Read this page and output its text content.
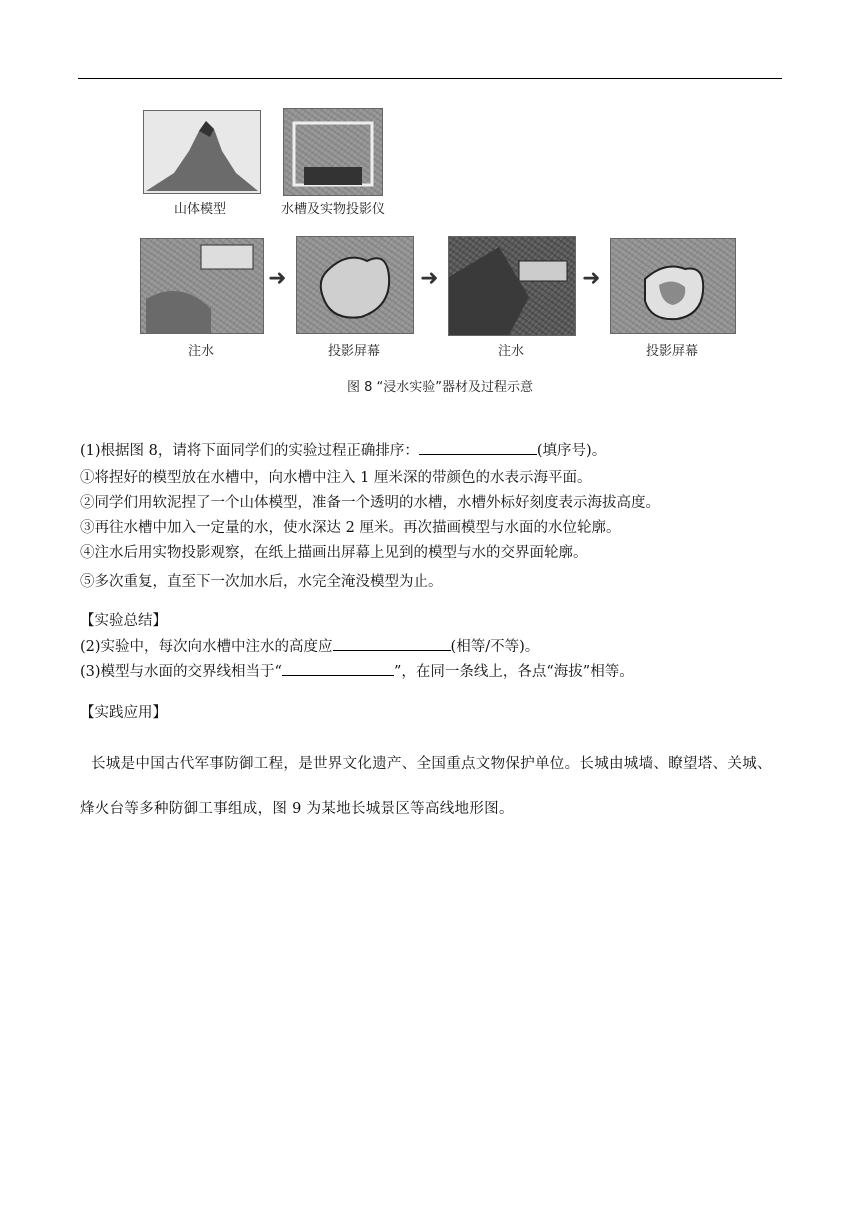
山体模型	水槽及实物投影仪
注水
➜
投影屏幕
➜
注水
➜
投影屏幕
图 8 “浸水实验”器材及过程示意
(1)根据图 8，请将下面同学们的实验过程正确排序：	(填序号)。
①将捏好的模型放在水槽中，向水槽中注入 1 厘米深的带颜色的水表示海平面。
②同学们用软泥捏了一个山体模型，准备一个透明的水槽，水槽外标好刻度表示海拔高度。
③再往水槽中加入一定量的水，使水深达 2 厘米。再次描画模型与水面的水位轮廓。
④注水后用实物投影观察，在纸上描画出屏幕上见到的模型与水的交界面轮廓。
⑤多次重复，直至下一次加水后，水完全淹没模型为止。
【实验总结】
(2)实验中，每次向水槽中注水的高度应	(相等/不等)。
(3)模型与水面的交界线相当于“	”，在同一条线上，各点“海拔”相等。
【实践应用】
长城是中国古代军事防御工程，是世界文化遗产、全国重点文物保护单位。长城由城墙、瞭望塔、关城、烽火台等多种防御工事组成，图 9 为某地长城景区等高线地形图。
